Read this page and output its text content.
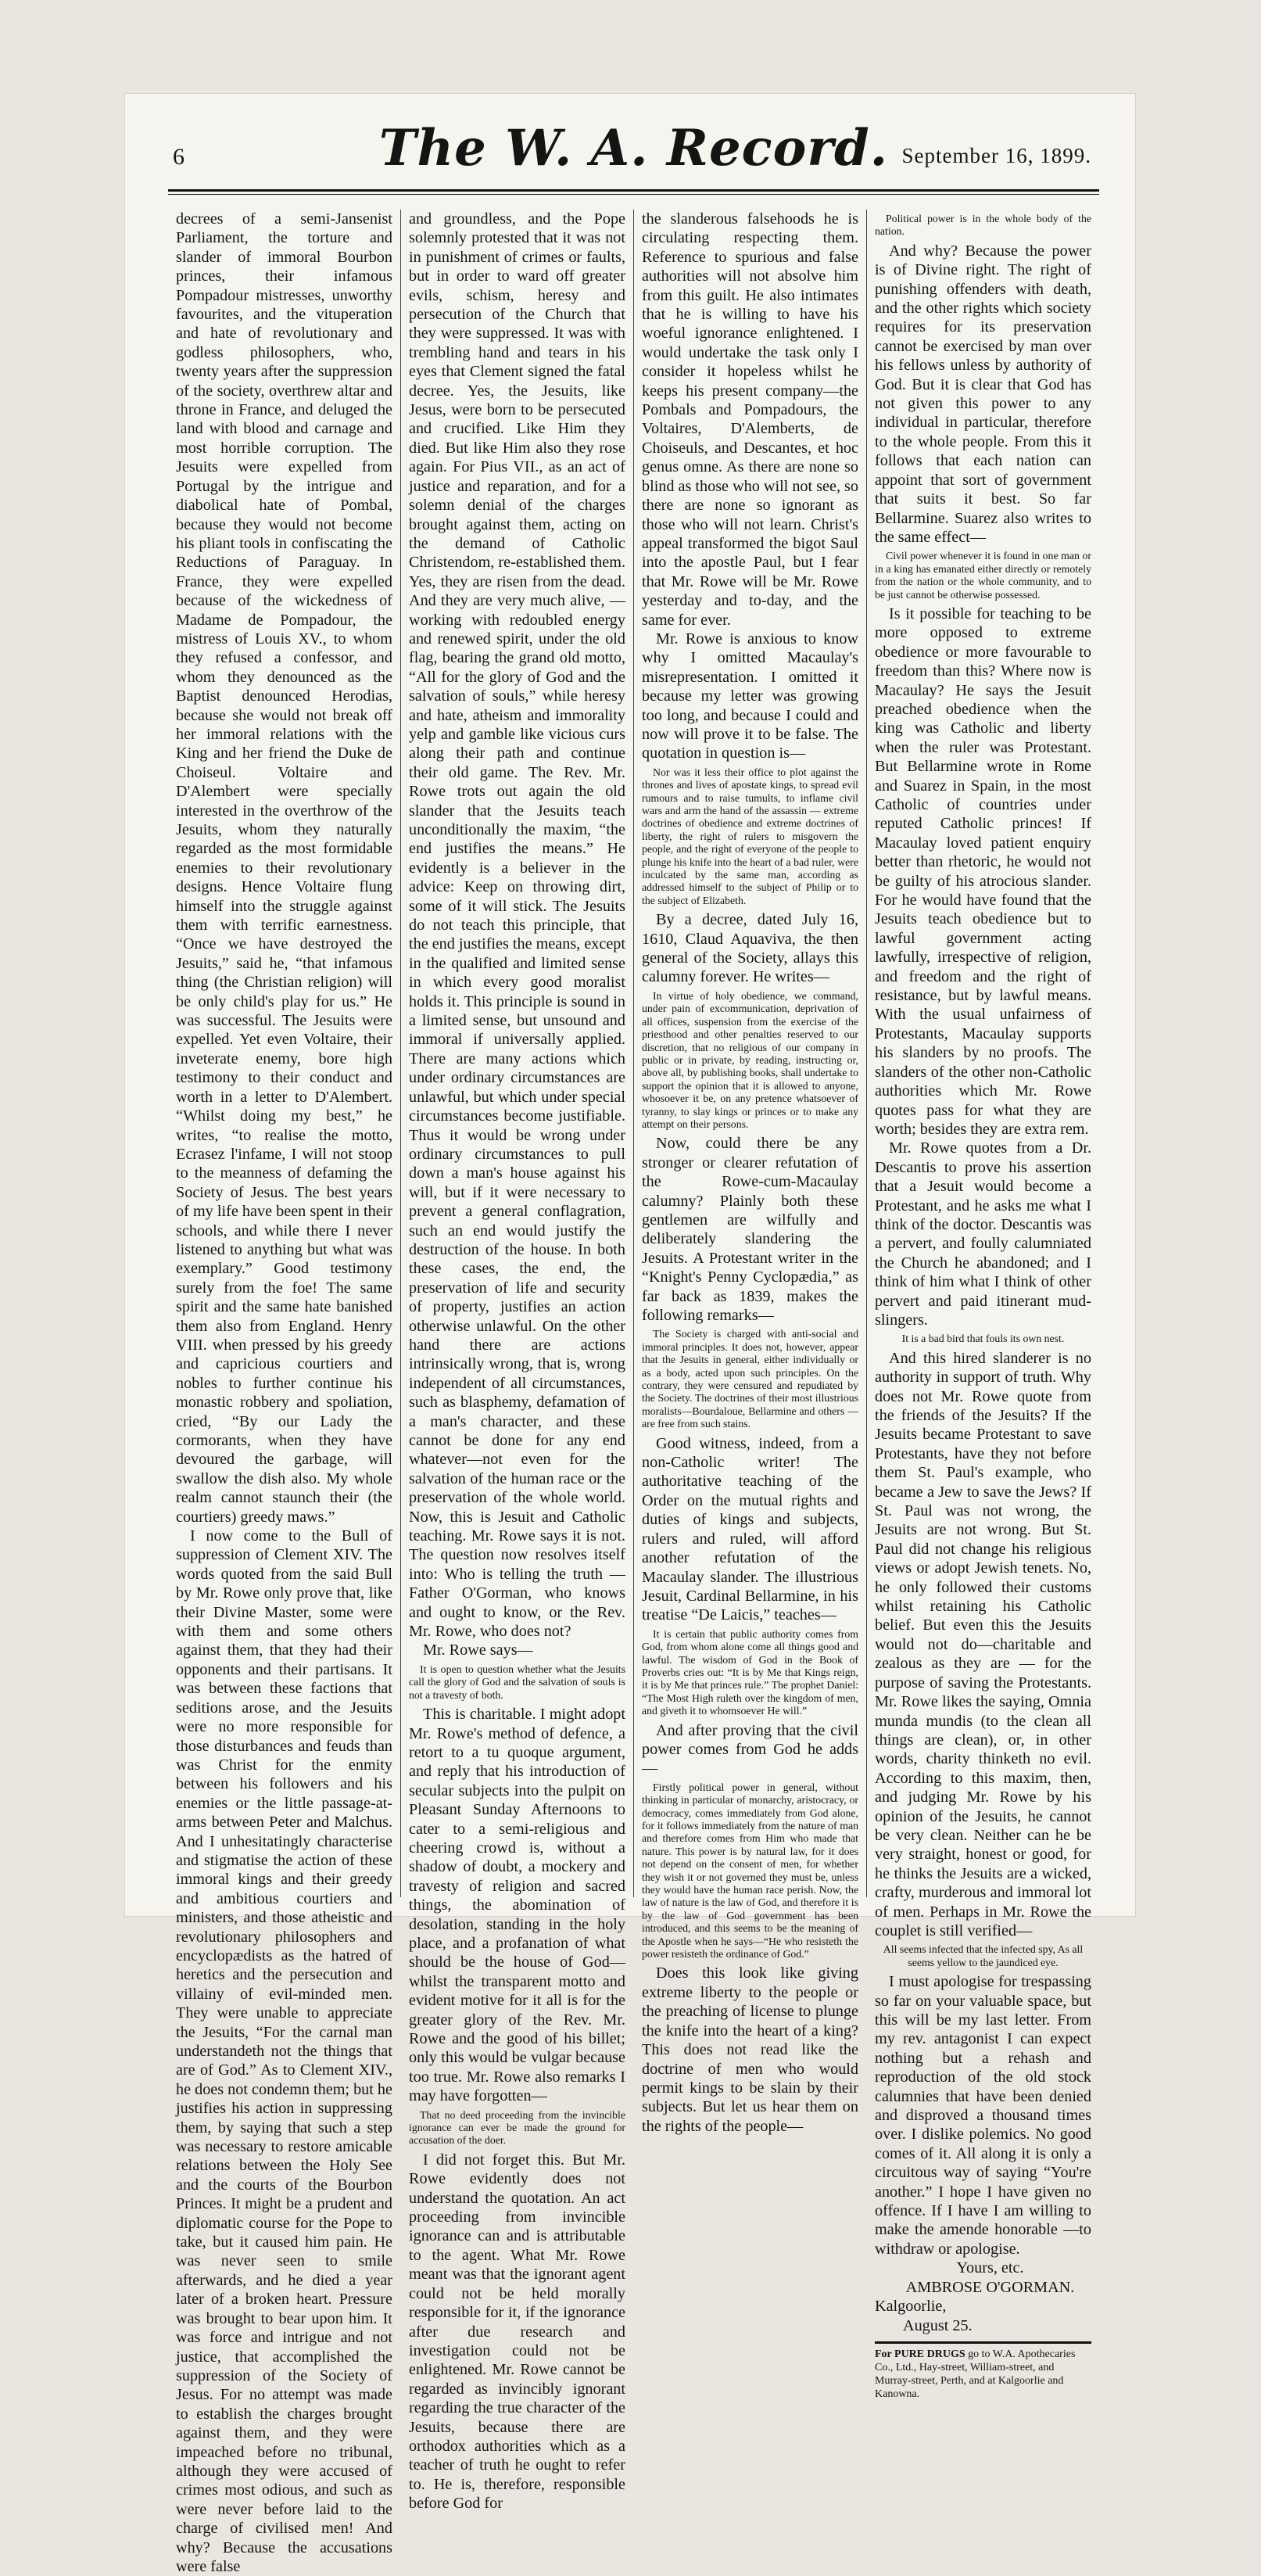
6	The W. A. Record. September 16, 1899.

decrees of a semi-Jansenist Parliament, the torture and slander of immoral Bourbon princes, their infamous Pompadour mistresses, unworthy favourites, and the vituperation and hate of revolutionary and godless philosophers, who, twenty years after the suppression of the society, overthrew altar and throne in France, and deluged the land with blood and carnage and most horrible corruption. The Jesuits were expelled from Portugal by the intrigue and diabolical hate of Pombal, because they would not become his pliant tools in confiscating the Reductions of Paraguay. In France, they were expelled because of the wickedness of Madame de Pompadour, the mistress of Louis XV., to whom they refused a confessor, and whom they denounced as the Baptist denounced Herodias, because she would not break off her immoral relations with the King and her friend the Duke de Choiseul. Voltaire and D'Alembert were specially interested in the overthrow of the Jesuits, whom they naturally regarded as the most formidable enemies to their revolutionary designs. Hence Voltaire flung himself into the struggle against them with terrific earnestness. “Once we have destroyed the Jesuits,” said he, “that infamous thing (the Christian religion) will be only child's play for us.” He was successful. The Jesuits were expelled. Yet even Voltaire, their inveterate enemy, bore high testimony to their conduct and worth in a letter to D'Alembert. “Whilst doing my best,” he writes, “to realise the motto, Ecrasez l'infame, I will not stoop to the meanness of defaming the Society of Jesus. The best years of my life have been spent in their schools, and while there I never listened to anything but what was exemplary.” Good testimony surely from the foe! The same spirit and the same hate banished them also from England. Henry VIII. when pressed by his greedy and capricious courtiers and nobles to further continue his monastic robbery and spoliation, cried, “By our Lady the cormorants, when they have devoured the garbage, will swallow the dish also. My whole realm cannot staunch their (the courtiers) greedy maws.”

I now come to the Bull of suppression of Clement XIV. The words quoted from the said Bull by Mr. Rowe only prove that, like their Divine Master, some were with them and some others against them, that they had their opponents and their partisans. It was between these factions that seditions arose, and the Jesuits were no more responsible for those disturbances and feuds than was Christ for the enmity between his followers and his enemies or the little passage-at-arms between Peter and Malchus. And I unhesitatingly characterise and stigmatise the action of these immoral kings and their greedy and ambitious courtiers and ministers, and those atheistic and revolutionary philosophers and encyclopædists as the hatred of heretics and the persecution and villainy of evil-minded men. They were unable to appreciate the Jesuits, “For the carnal man understandeth not the things that are of God.” As to Clement XIV., he does not condemn them; but he justifies his action in suppressing them, by saying that such a step was necessary to restore amicable relations between the Holy See and the courts of the Bourbon Princes. It might be a prudent and diplomatic course for the Pope to take, but it caused him pain. He was never seen to smile afterwards, and he died a year later of a broken heart. Pressure was brought to bear upon him. It was force and intrigue and not justice, that accomplished the suppression of the Society of Jesus. For no attempt was made to establish the charges brought against them, and they were impeached before no tribunal, although they were accused of crimes most odious, and such as were never before laid to the charge of civilised men! And why? Because the accusations were false

and groundless, and the Pope solemnly protested that it was not in punishment of crimes or faults, but in order to ward off greater evils, schism, heresy and persecution of the Church that they were suppressed. It was with trembling hand and tears in his eyes that Clement signed the fatal decree. Yes, the Jesuits, like Jesus, were born to be persecuted and crucified. Like Him they died. But like Him also they rose again. For Pius VII., as an act of justice and reparation, and for a solemn denial of the charges brought against them, acting on the demand of Catholic Christendom, re-established them. Yes, they are risen from the dead. And they are very much alive, — working with redoubled energy and renewed spirit, under the old flag, bearing the grand old motto, “All for the glory of God and the salvation of souls,” while heresy and hate, atheism and immorality yelp and gamble like vicious curs along their path and continue their old game. The Rev. Mr. Rowe trots out again the old slander that the Jesuits teach unconditionally the maxim, “the end justifies the means.” He evidently is a believer in the advice: Keep on throwing dirt, some of it will stick. The Jesuits do not teach this principle, that the end justifies the means, except in the qualified and limited sense in which every good moralist holds it. This principle is sound in a limited sense, but unsound and immoral if universally applied. There are many actions which under ordinary circumstances are unlawful, but which under special circumstances become justifiable. Thus it would be wrong under ordinary circumstances to pull down a man's house against his will, but if it were necessary to prevent a general conflagration, such an end would justify the destruction of the house. In both these cases, the end, the preservation of life and security of property, justifies an action otherwise unlawful. On the other hand there are actions intrinsically wrong, that is, wrong independent of all circumstances, such as blasphemy, defamation of a man's character, and these cannot be done for any end whatever—not even for the salvation of the human race or the preservation of the whole world. Now, this is Jesuit and Catholic teaching. Mr. Rowe says it is not. The question now resolves itself into: Who is telling the truth —Father O'Gorman, who knows and ought to know, or the Rev. Mr. Rowe, who does not?

Mr. Rowe says—

It is open to question whether what the Jesuits call the glory of God and the salvation of souls is not a travesty of both.

This is charitable. I might adopt Mr. Rowe's method of defence, a retort to a tu quoque argument, and reply that his introduction of secular subjects into the pulpit on Pleasant Sunday Afternoons to cater to a semi-religious and cheering crowd is, without a shadow of doubt, a mockery and travesty of religion and sacred things, the abomination of desolation, standing in the holy place, and a profanation of what should be the house of God—whilst the transparent motto and evident motive for it all is for the greater glory of the Rev. Mr. Rowe and the good of his billet; only this would be vulgar because too true. Mr. Rowe also remarks I may have forgotten—

That no deed proceeding from the invincible ignorance can ever be made the ground for accusation of the doer.

I did not forget this. But Mr. Rowe evidently does not understand the quotation. An act proceeding from invincible ignorance can and is attributable to the agent. What Mr. Rowe meant was that the ignorant agent could not be held morally responsible for it, if the ignorance after due research and investigation could not be enlightened. Mr. Rowe cannot be regarded as invincibly ignorant regarding the true character of the Jesuits, because there are orthodox authorities which as a teacher of truth he ought to refer to. He is, therefore, responsible before God for

the slanderous falsehoods he is circulating respecting them. Reference to spurious and false authorities will not absolve him from this guilt. He also intimates that he is willing to have his woeful ignorance enlightened. I would undertake the task only I consider it hopeless whilst he keeps his present company—the Pombals and Pompadours, the Voltaires, D'Alemberts, de Choiseuls, and Descantes, et hoc genus omne. As there are none so blind as those who will not see, so there are none so ignorant as those who will not learn. Christ's appeal transformed the bigot Saul into the apostle Paul, but I fear that Mr. Rowe will be Mr. Rowe yesterday and to-day, and the same for ever.

Mr. Rowe is anxious to know why I omitted Macaulay's misrepresentation. I omitted it because my letter was growing too long, and because I could and now will prove it to be false. The quotation in question is—

Nor was it less their office to plot against the thrones and lives of apostate kings, to spread evil rumours and to raise tumults, to inflame civil wars and arm the hand of the assassin — extreme doctrines of obedience and extreme doctrines of liberty, the right of rulers to misgovern the people, and the right of everyone of the people to plunge his knife into the heart of a bad ruler, were inculcated by the same man, according as addressed himself to the subject of Philip or to the subject of Elizabeth.

By a decree, dated July 16, 1610, Claud Aquaviva, the then general of the Society, allays this calumny forever. He writes—

In virtue of holy obedience, we command, under pain of excommunication, deprivation of all offices, suspension from the exercise of the priesthood and other penalties reserved to our discretion, that no religious of our company in public or in private, by reading, instructing or, above all, by publishing books, shall undertake to support the opinion that it is allowed to anyone, whosoever it be, on any pretence whatsoever of tyranny, to slay kings or princes or to make any attempt on their persons.

Now, could there be any stronger or clearer refutation of the Rowe-cum-Macaulay calumny? Plainly both these gentlemen are wilfully and deliberately slandering the Jesuits. A Protestant writer in the “Knight's Penny Cyclopædia,” as far back as 1839, makes the following remarks—

The Society is charged with anti-social and immoral principles. It does not, however, appear that the Jesuits in general, either individually or as a body, acted upon such principles. On the contrary, they were censured and repudiated by the Society. The doctrines of their most illustrious moralists—Bourdaloue, Bellarmine and others — are free from such stains.

Good witness, indeed, from a non-Catholic writer! The authoritative teaching of the Order on the mutual rights and duties of kings and subjects, rulers and ruled, will afford another refutation of the Macaulay slander. The illustrious Jesuit, Cardinal Bellarmine, in his treatise “De Laicis,” teaches—

It is certain that public authority comes from God, from whom alone come all things good and lawful. The wisdom of God in the Book of Proverbs cries out: “It is by Me that Kings reign, it is by Me that princes rule.” The prophet Daniel: “The Most High ruleth over the kingdom of men, and giveth it to whomsoever He will.”

And after proving that the civil power comes from God he adds—

Firstly political power in general, without thinking in particular of monarchy, aristocracy, or democracy, comes immediately from God alone, for it follows immediately from the nature of man and therefore comes from Him who made that nature. This power is by natural law, for it does not depend on the consent of men, for whether they wish it or not governed they must be, unless they would have the human race perish. Now, the law of nature is the law of God, and therefore it is by the law of God government has been introduced, and this seems to be the meaning of the Apostle when he says—“He who resisteth the power resisteth the ordinance of God.”

Does this look like giving extreme liberty to the people or the preaching of license to plunge the knife into the heart of a king? This does not read like the doctrine of men who would permit kings to be slain by their subjects. But let us hear them on the rights of the people—

Political power is in the whole body of the nation.

And why? Because the power is of Divine right. The right of punishing offenders with death, and the other rights which society requires for its preservation cannot be exercised by man over his fellows unless by authority of God. But it is clear that God has not given this power to any individual in particular, therefore to the whole people. From this it follows that each nation can appoint that sort of government that suits it best. So far Bellarmine. Suarez also writes to the same effect—

Civil power whenever it is found in one man or in a king has emanated either directly or remotely from the nation or the whole community, and to be just cannot be otherwise possessed.

Is it possible for teaching to be more opposed to extreme obedience or more favourable to freedom than this? Where now is Macaulay? He says the Jesuit preached obedience when the king was Catholic and liberty when the ruler was Protestant. But Bellarmine wrote in Rome and Suarez in Spain, in the most Catholic of countries under reputed Catholic princes! If Macaulay loved patient enquiry better than rhetoric, he would not be guilty of his atrocious slander. For he would have found that the Jesuits teach obedience but to lawful government acting lawfully, irrespective of religion, and freedom and the right of resistance, but by lawful means. With the usual unfairness of Protestants, Macaulay supports his slanders by no proofs. The slanders of the other non-Catholic authorities which Mr. Rowe quotes pass for what they are worth; besides they are extra rem.

Mr. Rowe quotes from a Dr. Descantis to prove his assertion that a Jesuit would become a Protestant, and he asks me what I think of the doctor. Descantis was a pervert, and foully calumniated the Church he abandoned; and I think of him what I think of other pervert and paid itinerant mud-slingers.

It is a bad bird that fouls its own nest.

And this hired slanderer is no authority in support of truth. Why does not Mr. Rowe quote from the friends of the Jesuits? If the Jesuits became Protestant to save Protestants, have they not before them St. Paul's example, who became a Jew to save the Jews? If St. Paul was not wrong, the Jesuits are not wrong. But St. Paul did not change his religious views or adopt Jewish tenets. No, he only followed their customs whilst retaining his Catholic belief. But even this the Jesuits would not do—charitable and zealous as they are — for the purpose of saving the Protestants. Mr. Rowe likes the saying, Omnia munda mundis (to the clean all things are clean), or, in other words, charity thinketh no evil. According to this maxim, then, and judging Mr. Rowe by his opinion of the Jesuits, he cannot be very clean. Neither can he be very straight, honest or good, for he thinks the Jesuits are a wicked, crafty, murderous and immoral lot of men. Perhaps in Mr. Rowe the couplet is still verified—

All seems infected that the infected spy, As all seems yellow to the jaundiced eye.

I must apologise for trespassing so far on your valuable space, but this will be my last letter. From my rev. antagonist I can expect nothing but a rehash and reproduction of the old stock calumnies that have been denied and disproved a thousand times over. I dislike polemics. No good comes of it. All along it is only a circuitous way of saying “You're another.” I hope I have given no offence. If I have I am willing to make the amende honorable —to withdraw or apologise.

Yours, etc.

AMBROSE O'GORMAN.

Kalgoorlie,

August 25.

For PURE DRUGS go to W.A. Apothecaries Co., Ltd., Hay-street, William-street, and Murray-street, Perth, and at Kalgoorlie and Kanowna.
